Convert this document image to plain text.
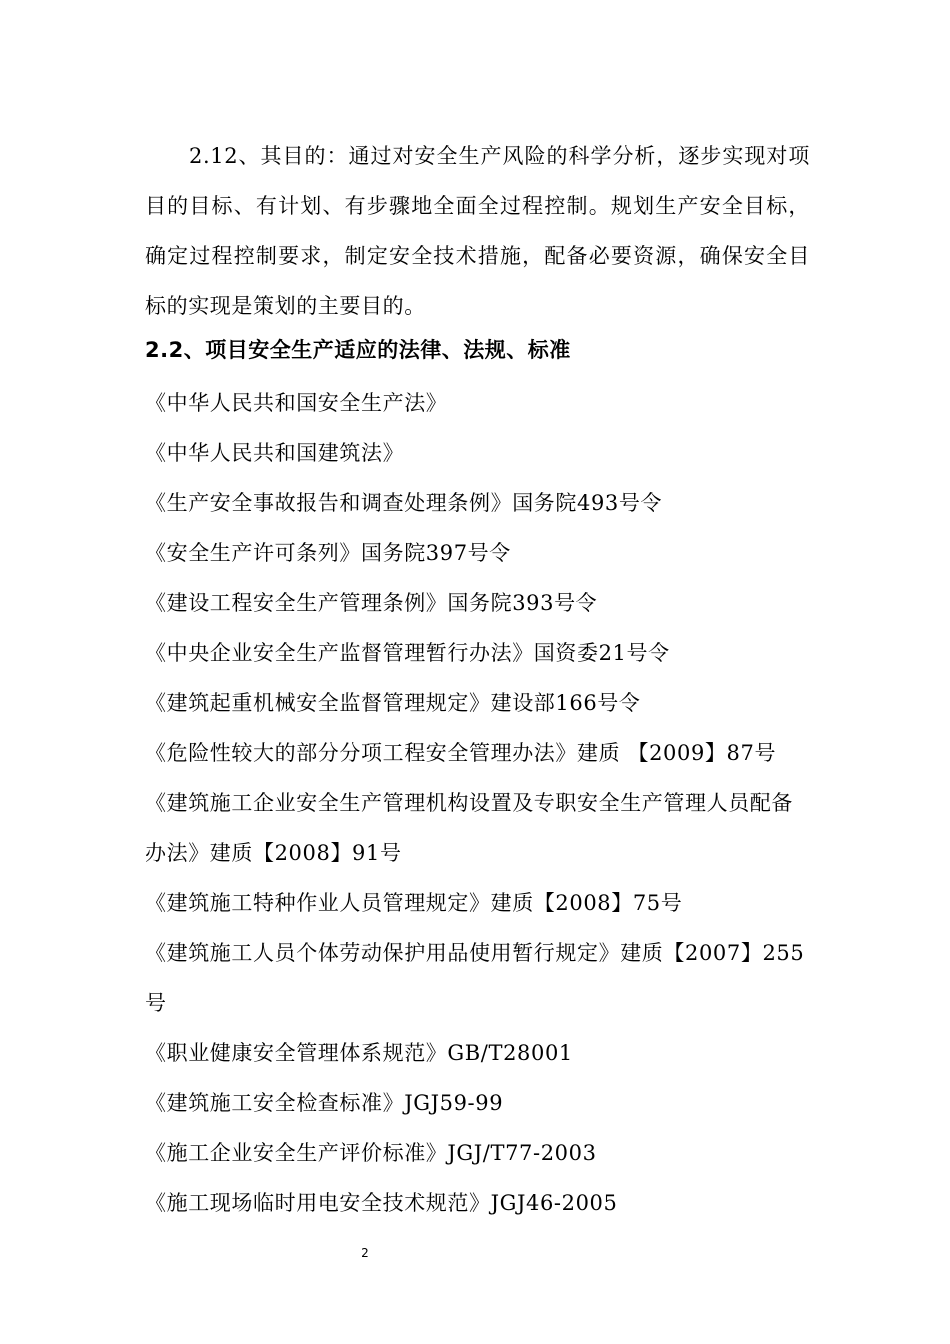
2.12、其目的：通过对安全生产风险的科学分析，逐步实现对项目的目标、有计划、有步骤地全面全过程控制。规划生产安全目标，确定过程控制要求，制定安全技术措施，配备必要资源，确保安全目标的实现是策划的主要目的。

2.2、项目安全生产适应的法律、法规、标准
《中华人民共和国安全生产法》
《中华人民共和国建筑法》
《生产安全事故报告和调查处理条例》国务院493号令
《安全生产许可条列》国务院397号令
《建设工程安全生产管理条例》国务院393号令
《中央企业安全生产监督管理暂行办法》国资委21号令
《建筑起重机械安全监督管理规定》建设部166号令
《危险性较大的部分分项工程安全管理办法》建质 【2009】87号
《建筑施工企业安全生产管理机构设置及专职安全生产管理人员配备办法》建质【2008】91号
《建筑施工特种作业人员管理规定》建质【2008】75号
《建筑施工人员个体劳动保护用品使用暂行规定》建质【2007】255号
《职业健康安全管理体系规范》GB/T28001
《建筑施工安全检查标准》JGJ59-99
《施工企业安全生产评价标准》JGJ/T77-2003
《施工现场临时用电安全技术规范》JGJ46-2005
2
